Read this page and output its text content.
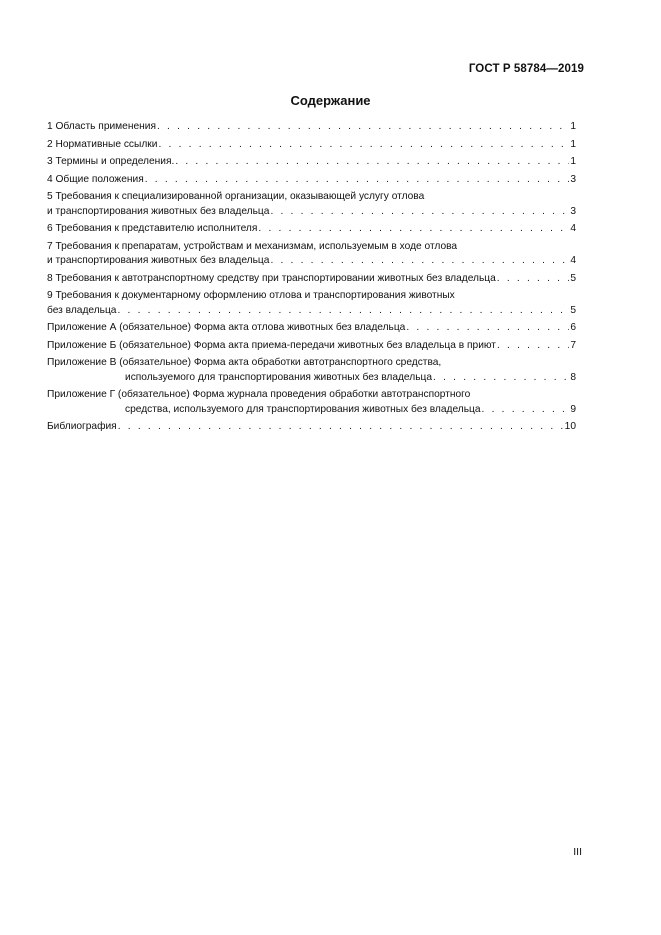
ГОСТ Р 58784—2019
Содержание
1 Область применения . . .	1
2 Нормативные ссылки . . .	1
3 Термины и определения. . . .	1
4 Общие положения . . .	3
5 Требования к специализированной организации, оказывающей услугу отлова
и транспортирования животных без владельца . . .	3
6 Требования к представителю исполнителя . . .	4
7 Требования к препаратам, устройствам и механизмам, используемым в ходе отлова
и транспортирования животных без владельца . . .	4
8 Требования к автотранспортному средству при транспортировании животных без владельца . . .	5
9 Требования к документарному оформлению отлова и транспортирования животных
без владельца . . .	5
Приложение А (обязательное) Форма акта отлова животных без владельца . . .	6
Приложение Б (обязательное) Форма акта приема-передачи животных без владельца в приют . . .	7
Приложение В (обязательное) Форма акта обработки автотранспортного средства,
используемого для транспортирования животных без владельца . . .	8
Приложение Г (обязательное) Форма журнала проведения обработки автотранспортного
средства, используемого для транспортирования животных без владельца . . .	9
Библиография . . .	10
III
